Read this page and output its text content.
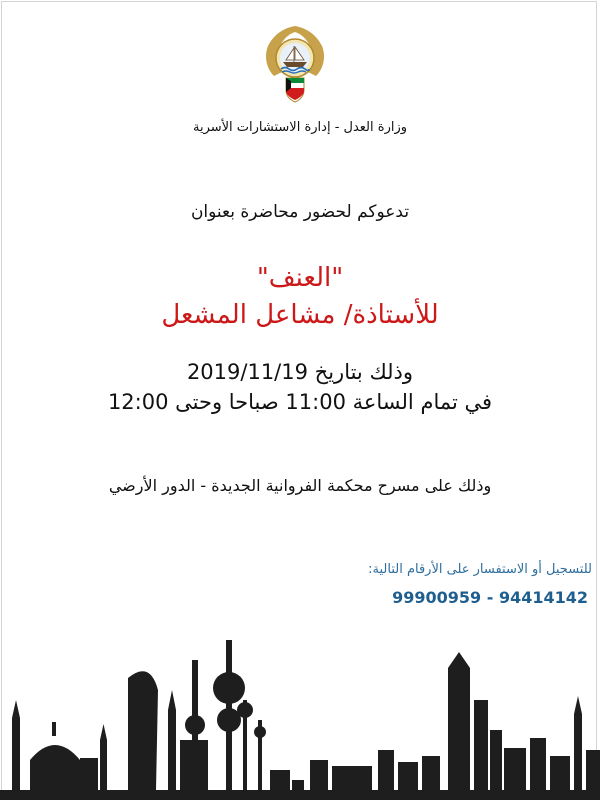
وزارة العدل - إدارة الاستشارات الأسرية

تدعوكم لحضور محاضرة بعنوان

"العنف"

للأستاذة/ مشاعل المشعل

وذلك بتاريخ 2019/11/19

في تمام الساعة 11:00 صباحا وحتى 12:00

وذلك على مسرح محكمة الفروانية الجديدة - الدور الأرضي

للتسجيل أو الاستفسار على الأرقام التالية:

99900959 - 94414142
